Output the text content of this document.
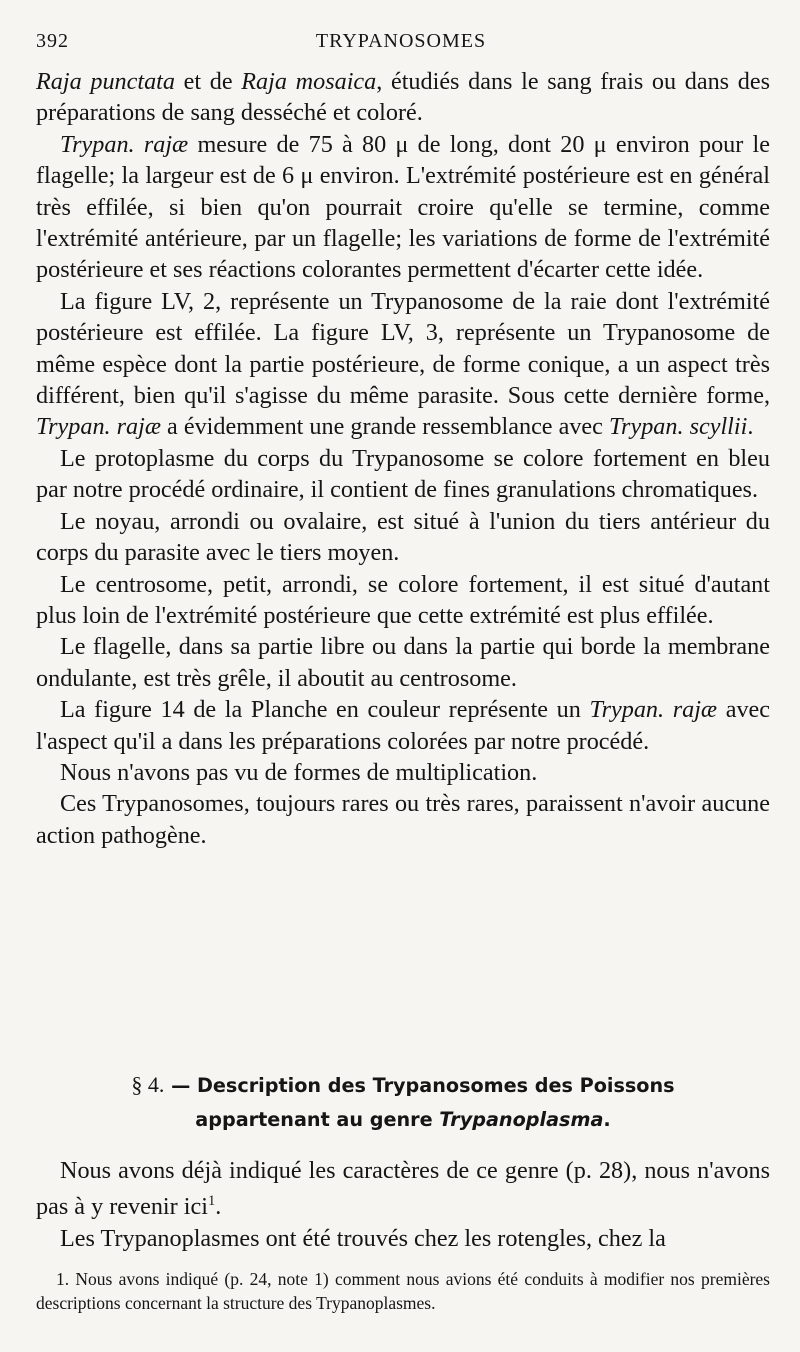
392	TRYPANOSOMES

Raja punctata et de Raja mosaica, étudiés dans le sang frais ou dans des préparations de sang desséché et coloré.

Trypan. rajæ mesure de 75 à 80 μ de long, dont 20 μ environ pour le flagelle; la largeur est de 6 μ environ. L'extrémité postérieure est en général très effilée, si bien qu'on pourrait croire qu'elle se termine, comme l'extrémité antérieure, par un flagelle; les variations de forme de l'extrémité postérieure et ses réactions colorantes permettent d'écarter cette idée.

La figure LV, 2, représente un Trypanosome de la raie dont l'extrémité postérieure est effilée. La figure LV, 3, représente un Trypanosome de même espèce dont la partie postérieure, de forme conique, a un aspect très différent, bien qu'il s'agisse du même parasite. Sous cette dernière forme, Trypan. rajæ a évidemment une grande ressemblance avec Trypan. scyllii.

Le protoplasme du corps du Trypanosome se colore fortement en bleu par notre procédé ordinaire, il contient de fines granulations chromatiques.

Le noyau, arrondi ou ovalaire, est situé à l'union du tiers antérieur du corps du parasite avec le tiers moyen.

Le centrosome, petit, arrondi, se colore fortement, il est situé d'autant plus loin de l'extrémité postérieure que cette extrémité est plus effilée.

Le flagelle, dans sa partie libre ou dans la partie qui borde la membrane ondulante, est très grêle, il aboutit au centrosome.

La figure 14 de la Planche en couleur représente un Trypan. rajæ avec l'aspect qu'il a dans les préparations colorées par notre procédé.

Nous n'avons pas vu de formes de multiplication.

Ces Trypanosomes, toujours rares ou très rares, paraissent n'avoir aucune action pathogène.

§ 4. — Description des Trypanosomes des Poissons
appartenant au genre Trypanoplasma.

Nous avons déjà indiqué les caractères de ce genre (p. 28), nous n'avons pas à y revenir ici$^1$.

Les Trypanoplasmes ont été trouvés chez les rotengles, chez la

1. Nous avons indiqué (p. 24, note 1) comment nous avions été conduits à modifier nos premières descriptions concernant la structure des Trypanoplasmes.
